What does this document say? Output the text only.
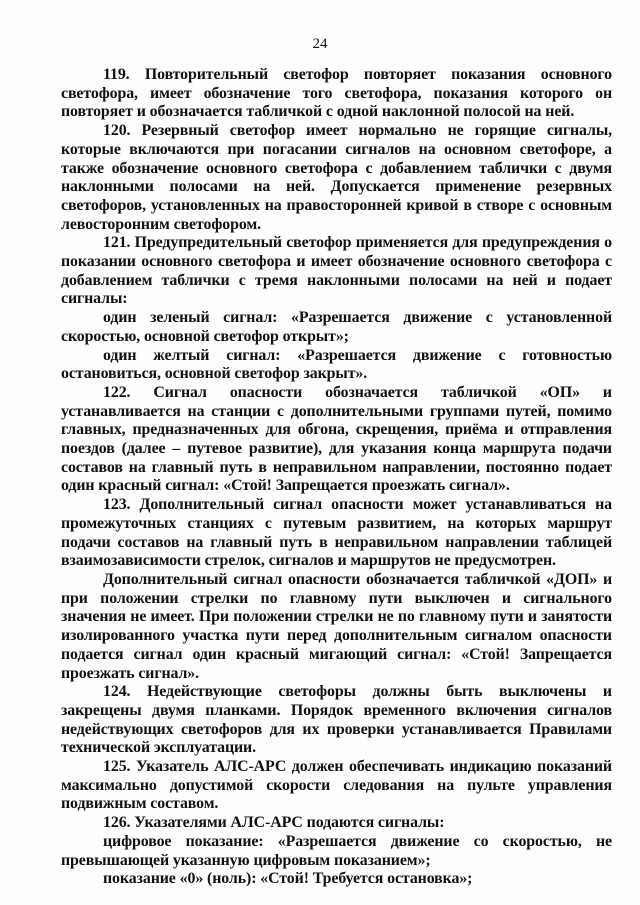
24

119. Повторительный светофор повторяет показания основного светофора, имеет обозначение того светофора, показания которого он повторяет и обозначается табличкой с одной наклонной полосой на ней.

120. Резервный светофор имеет нормально не горящие сигналы, которые включаются при погасании сигналов на основном светофоре, а также обозначение основного светофора с добавлением таблички с двумя наклонными полосами на ней. Допускается применение резервных светофоров, установленных на правосторонней кривой в створе с основным левосторонним светофором.

121. Предупредительный светофор применяется для предупреждения о показании основного светофора и имеет обозначение основного светофора с добавлением таблички с тремя наклонными полосами на ней и подает сигналы:

один зеленый сигнал: «Разрешается движение с установленной скоростью, основной светофор открыт»;

один желтый сигнал: «Разрешается движение с готовностью остановиться, основной светофор закрыт».

122. Сигнал опасности обозначается табличкой «ОП» и устанавливается на станции с дополнительными группами путей, помимо главных, предназначенных для обгона, скрещения, приёма и отправления поездов (далее – путевое развитие), для указания конца маршрута подачи составов на главный путь в неправильном направлении, постоянно подает один красный сигнал: «Стой! Запрещается проезжать сигнал».

123. Дополнительный сигнал опасности может устанавливаться на промежуточных станциях с путевым развитием, на которых маршрут подачи составов на главный путь в неправильном направлении таблицей взаимозависимости стрелок, сигналов и маршрутов не предусмотрен.

Дополнительный сигнал опасности обозначается табличкой «ДОП» и при положении стрелки по главному пути выключен и сигнального значения не имеет. При положении стрелки не по главному пути и занятости изолированного участка пути перед дополнительным сигналом опасности подается сигнал один красный мигающий сигнал: «Стой! Запрещается проезжать сигнал».

124. Недействующие светофоры должны быть выключены и закрещены двумя планками. Порядок временного включения сигналов недействующих светофоров для их проверки устанавливается Правилами технической эксплуатации.

125. Указатель АЛС-АРС должен обеспечивать индикацию показаний максимально допустимой скорости следования на пульте управления подвижным составом.

126. Указателями АЛС-АРС подаются сигналы:

цифровое показание: «Разрешается движение со скоростью, не превышающей указанную цифровым показанием»;

показание «0» (ноль): «Стой! Требуется остановка»;
